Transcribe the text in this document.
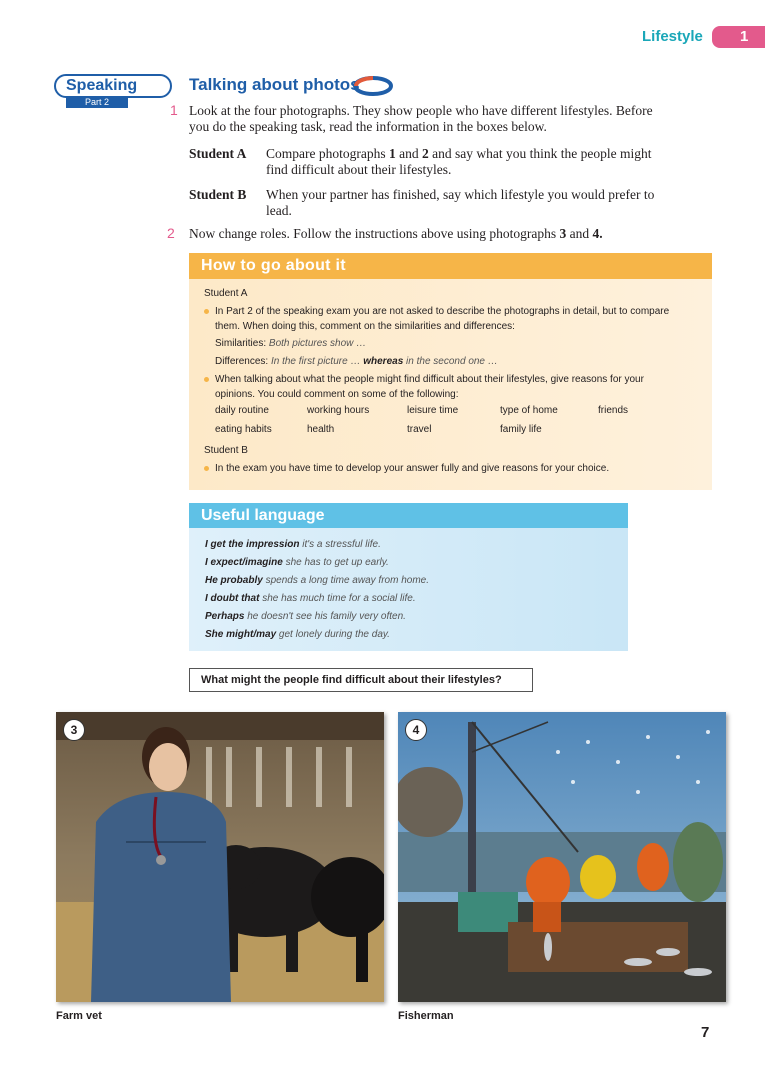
Lifestyle	1
Speaking
Part 2
Talking about photos
1 Look at the four photographs. They show people who have different lifestyles. Before
you do the speaking task, read the information in the boxes below.
Student A Compare photographs 1 and 2 and say what you think the people might
find difficult about their lifestyles.
Student B When your partner has finished, say which lifestyle you would prefer to
lead.
2 Now change roles. Follow the instructions above using photographs 3 and 4.
How to go about it
Student A
In Part 2 of the speaking exam you are not asked to describe the photographs in detail, but to compare
them. When doing this, comment on the similarities and differences:
Similarities: Both pictures show …
Differences: In the first picture … whereas in the second one …
When talking about what the people might find difficult about their lifestyles, give reasons for your
opinions. You could comment on some of the following:
daily routine	working hours	leisure time	type of home	friends
eating habits	health	travel	family life
Student B
In the exam you have time to develop your answer fully and give reasons for your choice.
Useful language
I get the impression it's a stressful life.
I expect/imagine she has to get up early.
He probably spends a long time away from home.
I doubt that she has much time for a social life.
Perhaps he doesn't see his family very often.
She might/may get lonely during the day.
What might the people find difficult about their lifestyles?
3
Farm vet
4
Fisherman
7
